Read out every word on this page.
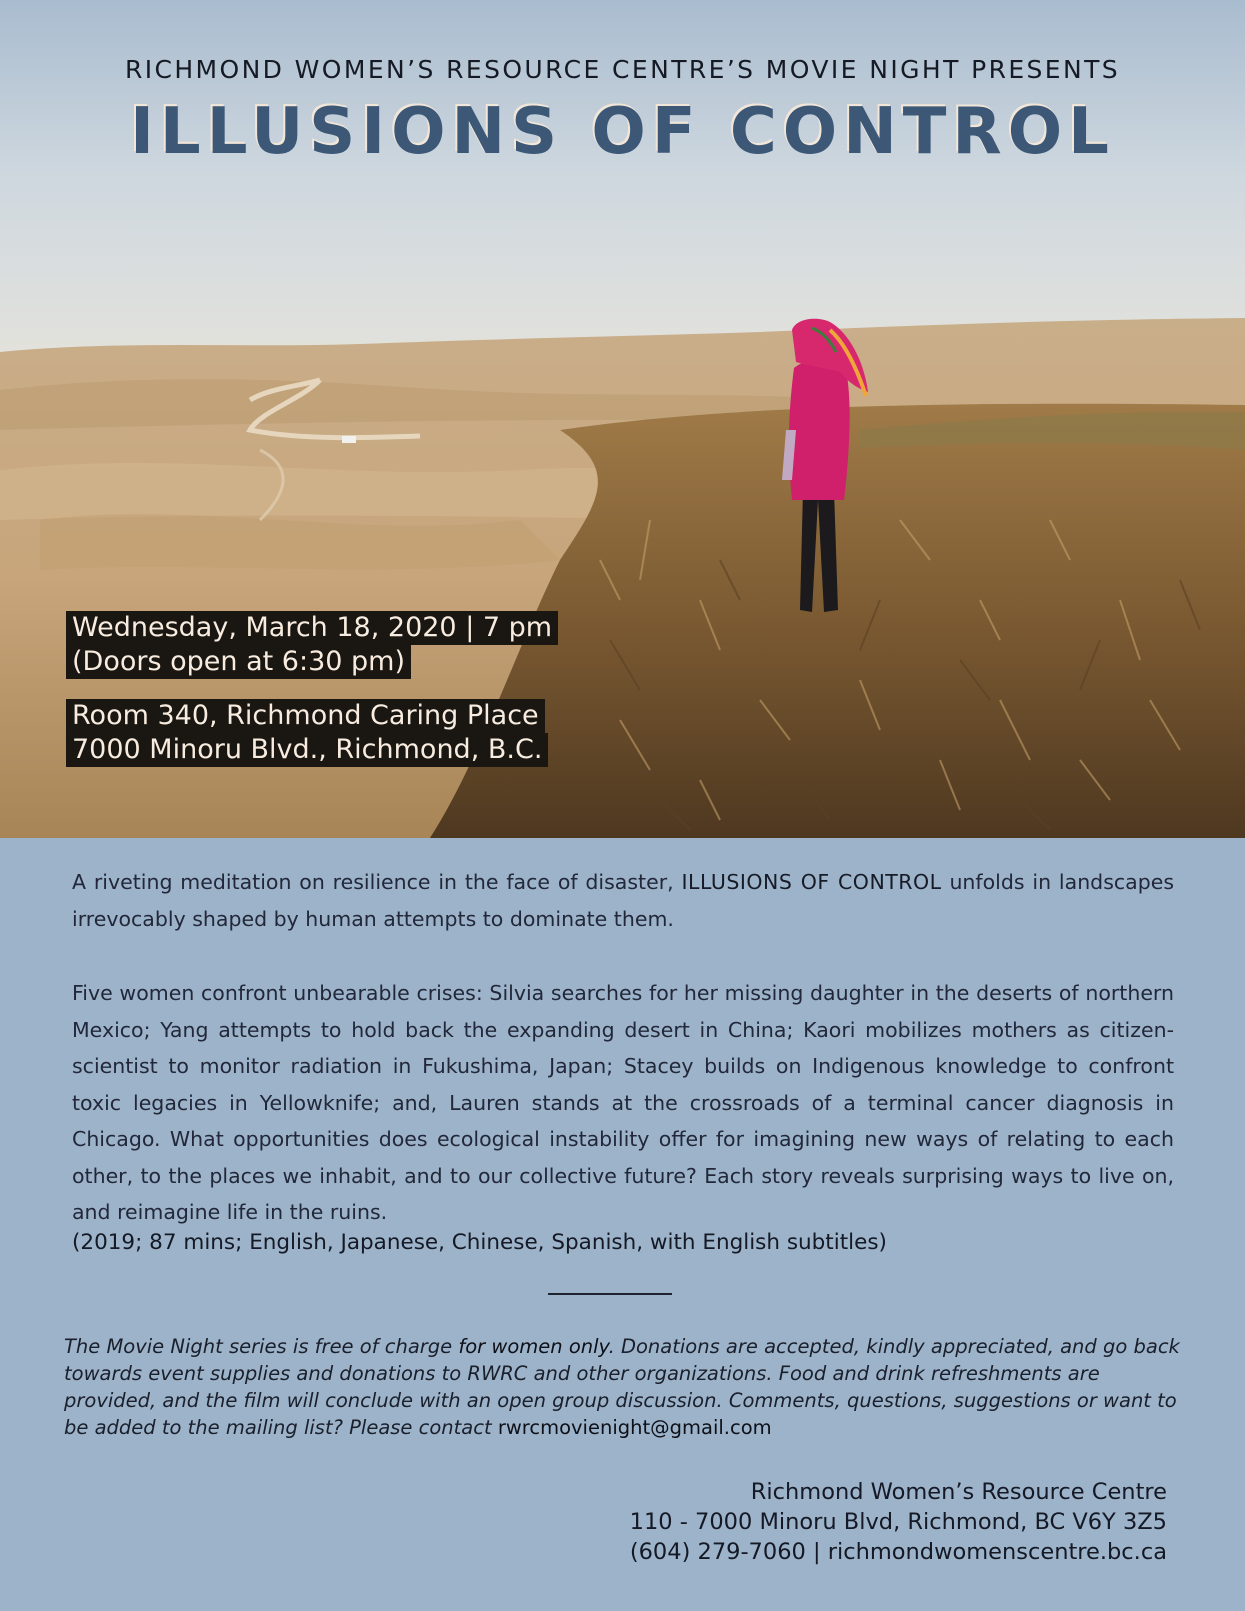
RICHMOND WOMEN’S RESOURCE CENTRE’S MOVIE NIGHT PRESENTS
ILLUSIONS OF CONTROL
Wednesday, March 18, 2020 | 7 pm
(Doors open at 6:30 pm)
Room 340, Richmond Caring Place
7000 Minoru Blvd., Richmond, B.C.

A riveting meditation on resilience in the face of disaster, ILLUSIONS OF CONTROL unfolds in landscapes irrevocably shaped by human attempts to dominate them.

Five women confront unbearable crises: Silvia searches for her missing daughter in the deserts of northern Mexico; Yang attempts to hold back the expanding desert in China; Kaori mobilizes mothers as citizen-scientist to monitor radiation in Fukushima, Japan; Stacey builds on Indigenous knowledge to confront toxic legacies in Yellowknife; and, Lauren stands at the crossroads of a terminal cancer diagnosis in Chicago. What opportunities does ecological instability offer for imagining new ways of relating to each other, to the places we inhabit, and to our collective future? Each story reveals surprising ways to live on, and reimagine life in the ruins.

(2019; 87 mins; English, Japanese, Chinese, Spanish, with English subtitles)
The Movie Night series is free of charge for women only. Donations are accepted, kindly appreciated, and go back towards event supplies and donations to RWRC and other organizations. Food and drink refreshments are provided, and the film will conclude with an open group discussion. Comments, questions, suggestions or want to be added to the mailing list? Please contact rwrcmovienight@gmail.com
Richmond Women’s Resource Centre
110 - 7000 Minoru Blvd, Richmond, BC V6Y 3Z5
(604) 279-7060 | richmondwomenscentre.bc.ca
